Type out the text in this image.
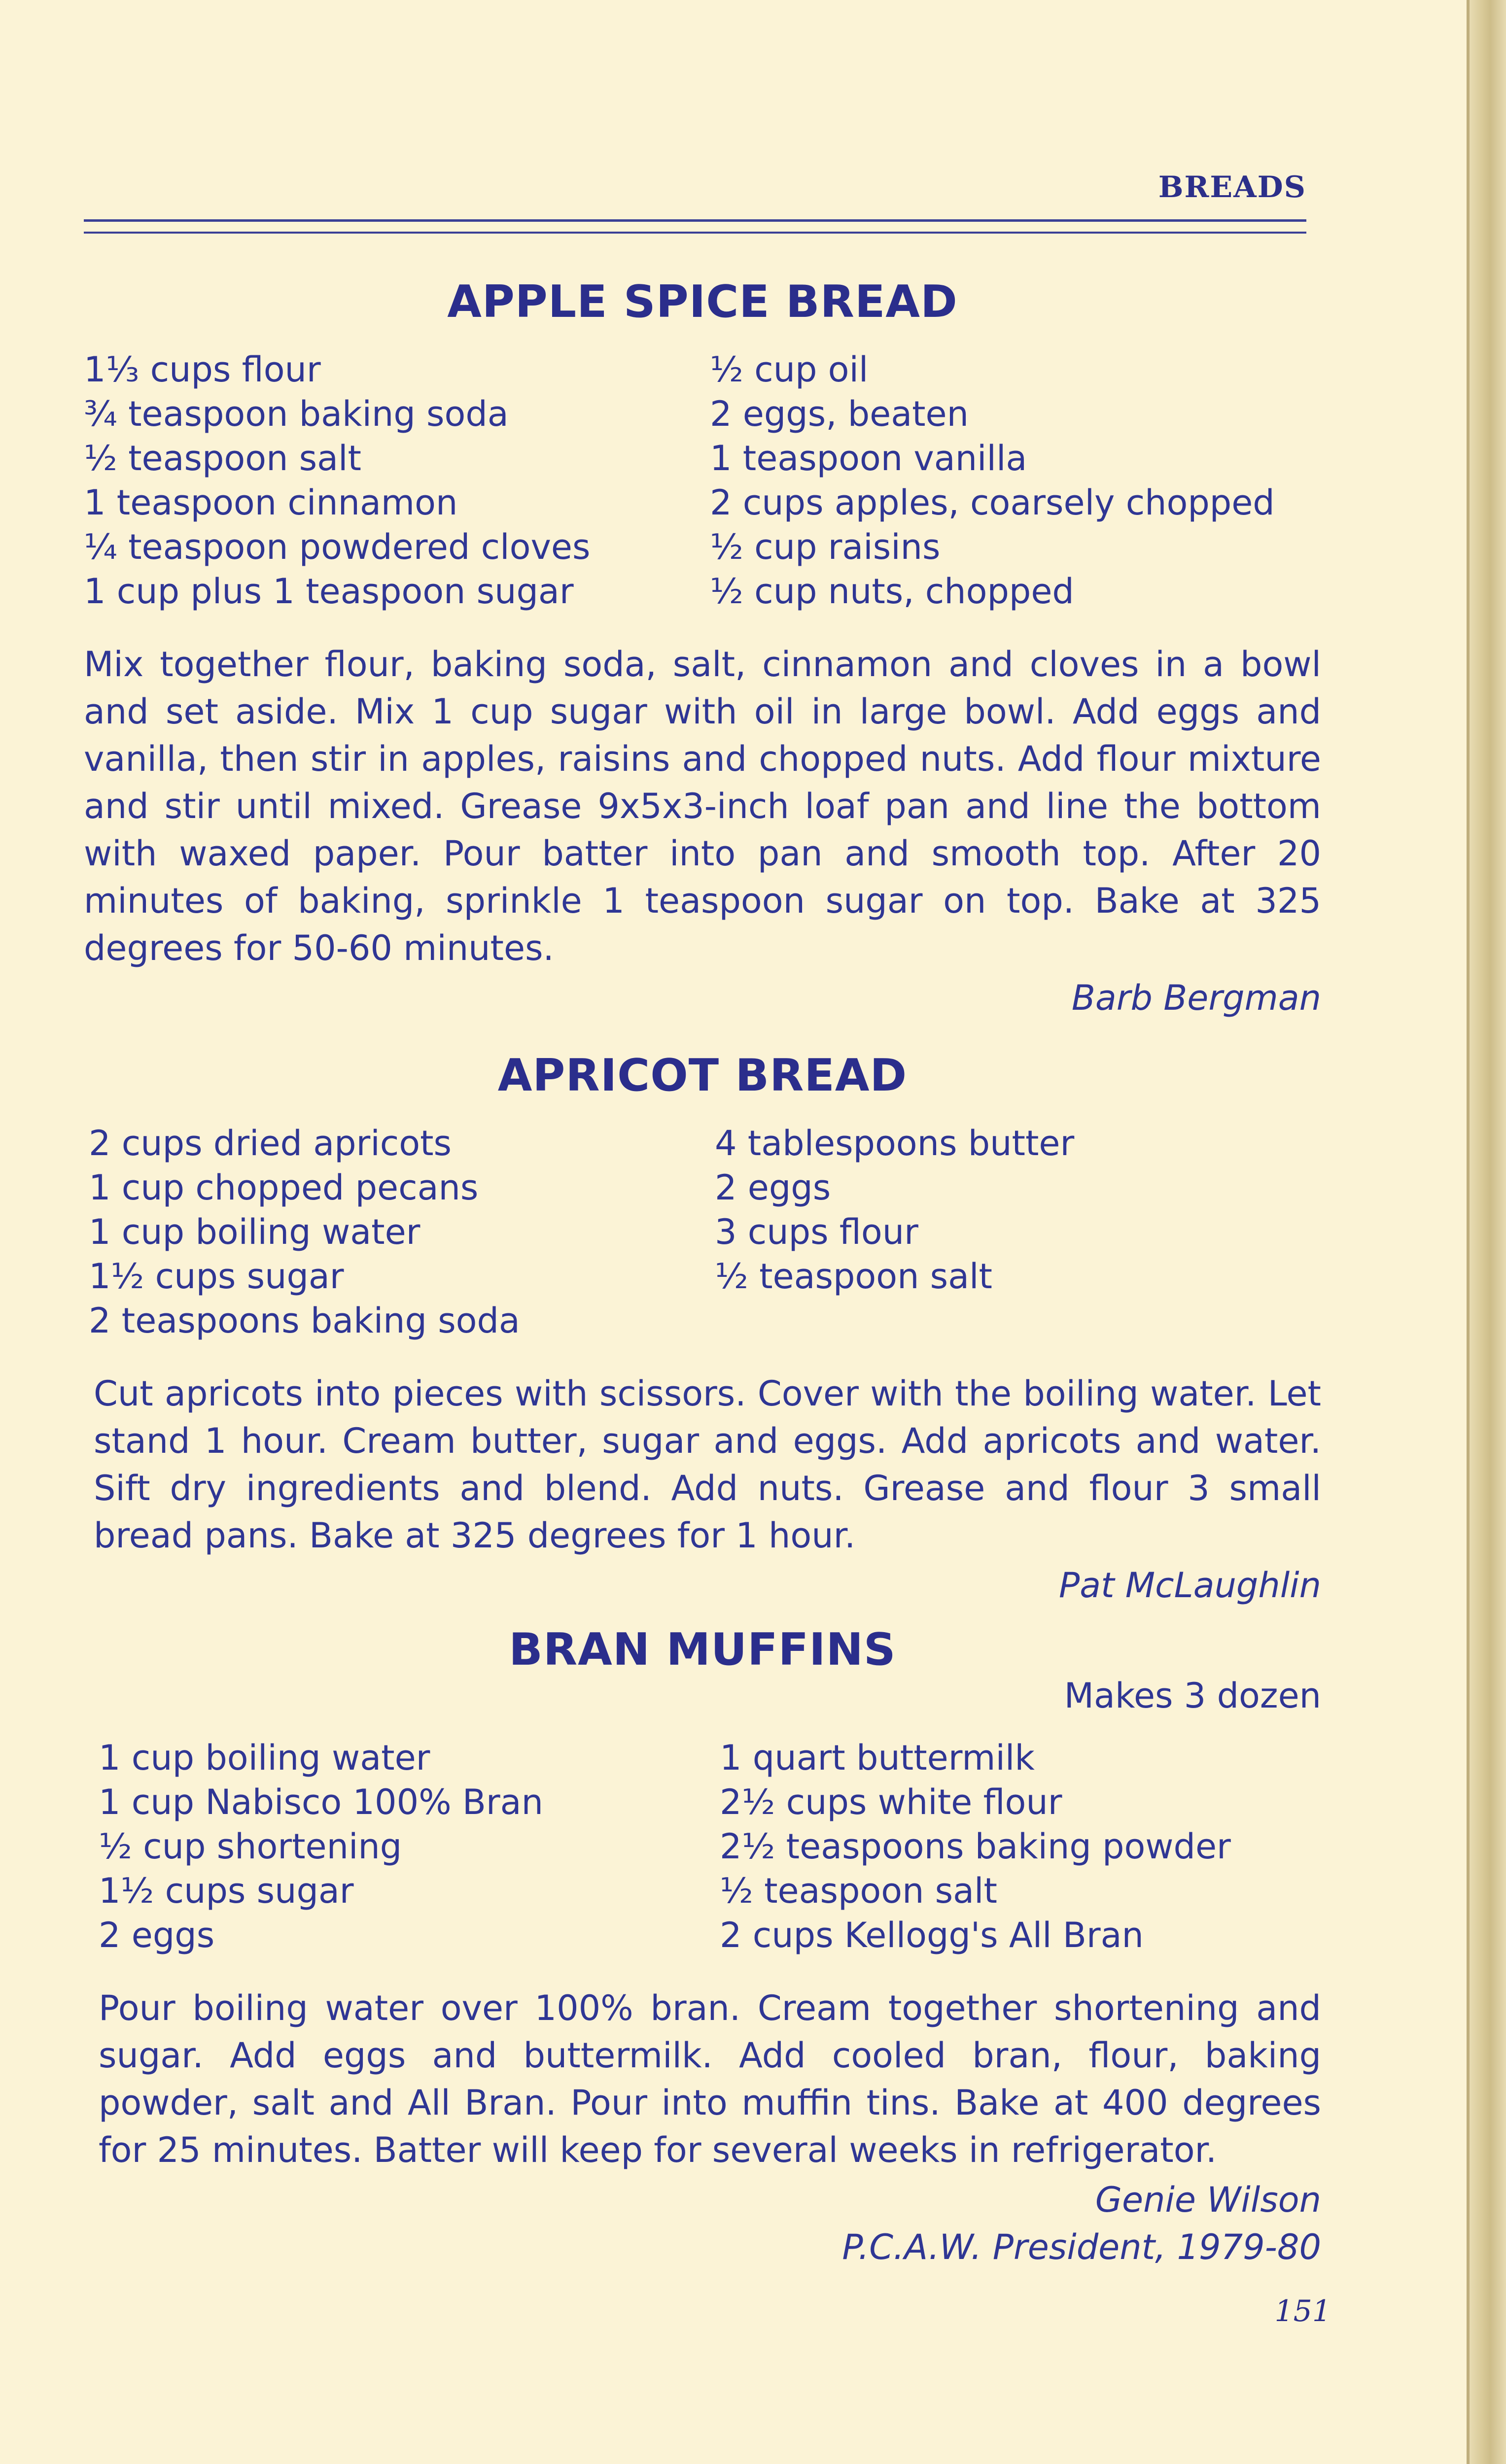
BREADS
APPLE SPICE BREAD
1⅓ cups flour
¾ teaspoon baking soda
½ teaspoon salt
1 teaspoon cinnamon
¼ teaspoon powdered cloves
1 cup plus 1 teaspoon sugar
½ cup oil
2 eggs, beaten
1 teaspoon vanilla
2 cups apples, coarsely chopped
½ cup raisins
½ cup nuts, chopped
Mix together flour, baking soda, salt, cinnamon and cloves in a bowl and set aside. Mix 1 cup sugar with oil in large bowl. Add eggs and vanilla, then stir in apples, raisins and chopped nuts. Add flour mixture and stir until mixed. Grease 9x5x3-inch loaf pan and line the bottom with waxed paper. Pour batter into pan and smooth top. After 20 minutes of baking, sprinkle 1 teaspoon sugar on top. Bake at 325 degrees for 50-60 minutes.
Barb Bergman
APRICOT BREAD
2 cups dried apricots
1 cup chopped pecans
1 cup boiling water
1½ cups sugar
2 teaspoons baking soda
4 tablespoons butter
2 eggs
3 cups flour
½ teaspoon salt
Cut apricots into pieces with scissors. Cover with the boiling water. Let stand 1 hour. Cream butter, sugar and eggs. Add apricots and water. Sift dry ingredients and blend. Add nuts. Grease and flour 3 small bread pans. Bake at 325 degrees for 1 hour.
Pat McLaughlin
BRAN MUFFINS
Makes 3 dozen
1 cup boiling water
1 cup Nabisco 100% Bran
½ cup shortening
1½ cups sugar
2 eggs
1 quart buttermilk
2½ cups white flour
2½ teaspoons baking powder
½ teaspoon salt
2 cups Kellogg's All Bran
Pour boiling water over 100% bran. Cream together shortening and sugar. Add eggs and buttermilk. Add cooled bran, flour, baking powder, salt and All Bran. Pour into muffin tins. Bake at 400 degrees for 25 minutes. Batter will keep for several weeks in refrigerator.
Genie Wilson
P.C.A.W. President, 1979-80
151
